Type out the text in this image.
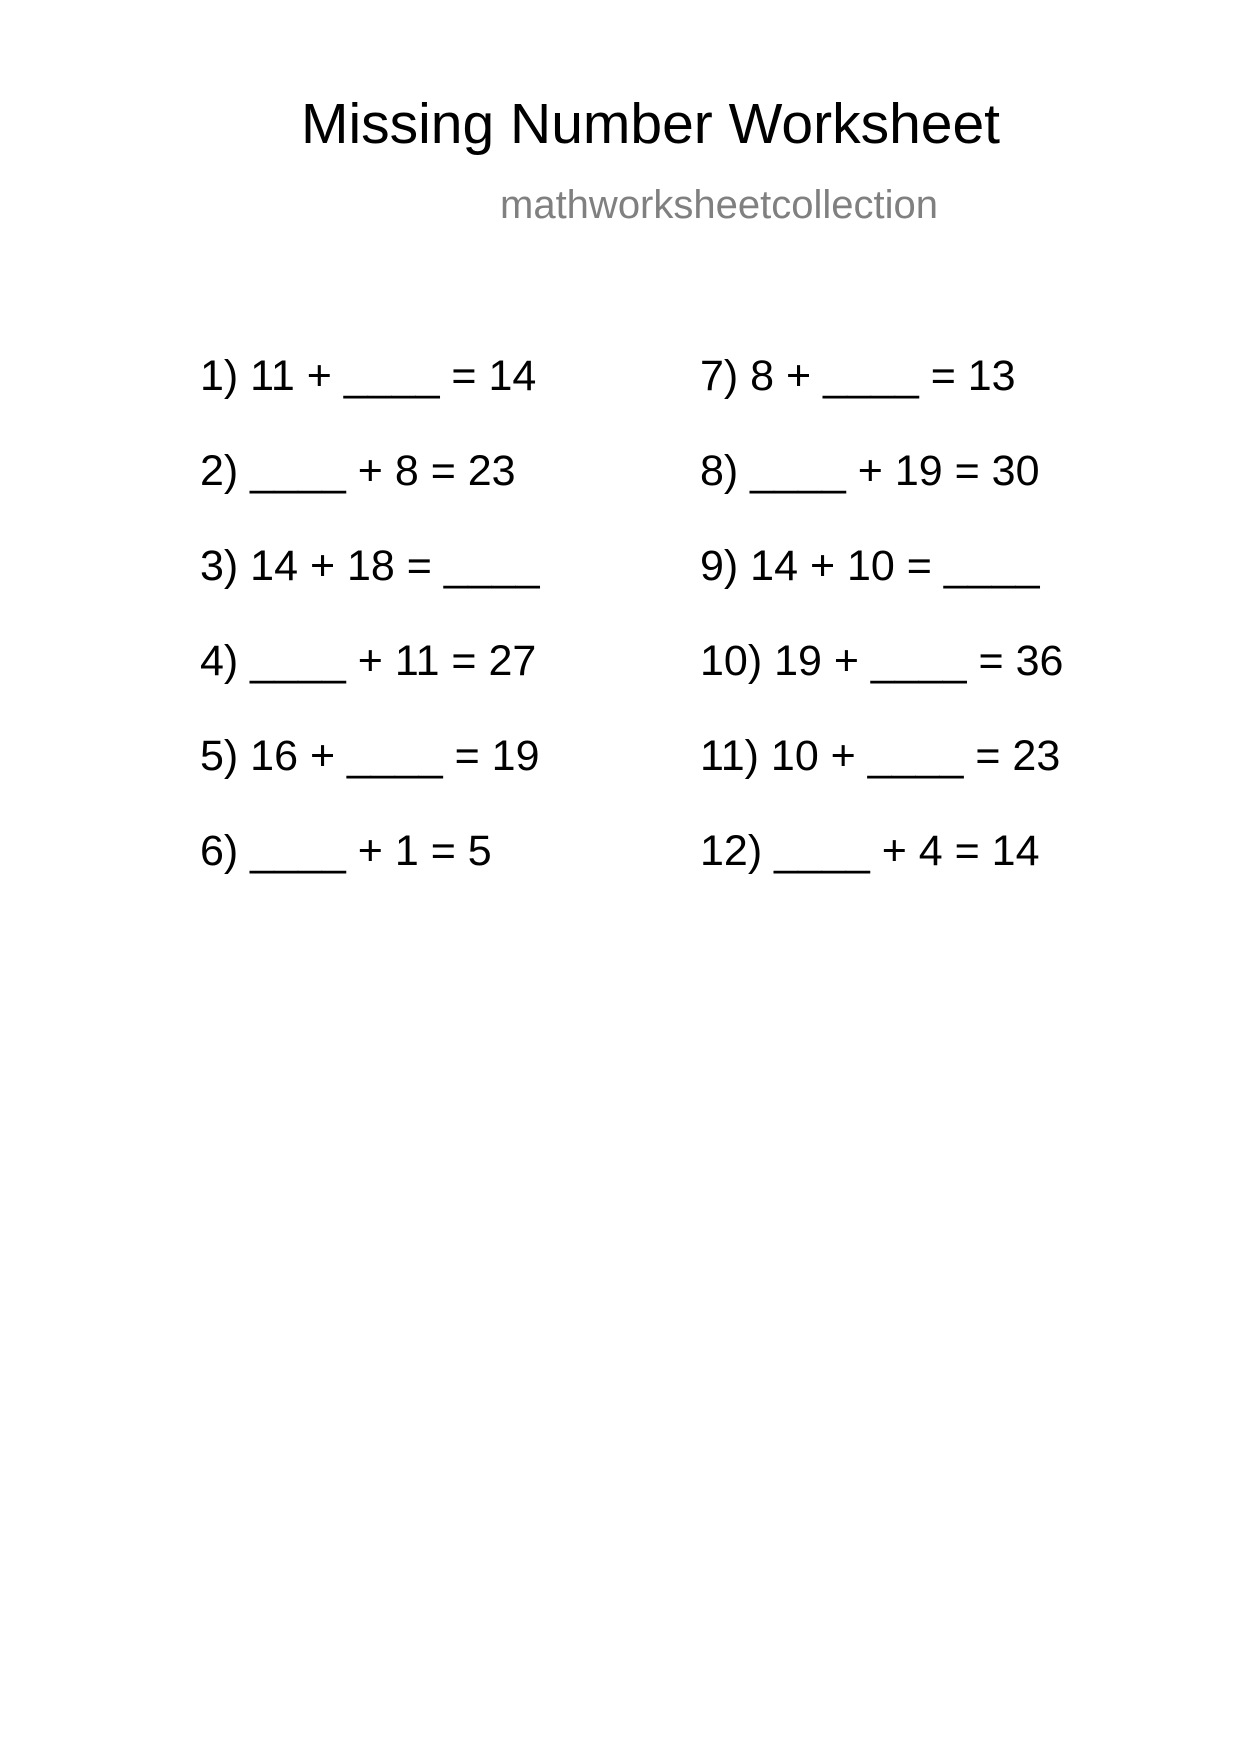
Missing Number Worksheet
mathworksheetcollection
1) 11 + ____ = 14
2) ____ + 8 = 23
3) 14 + 18 = ____
4) ____ + 11 = 27
5) 16 + ____ = 19
6) ____ + 1 = 5
7) 8 + ____ = 13
8) ____ + 19 = 30
9) 14 + 10 = ____
10) 19 + ____ = 36
11) 10 + ____ = 23
12) ____ + 4 = 14
